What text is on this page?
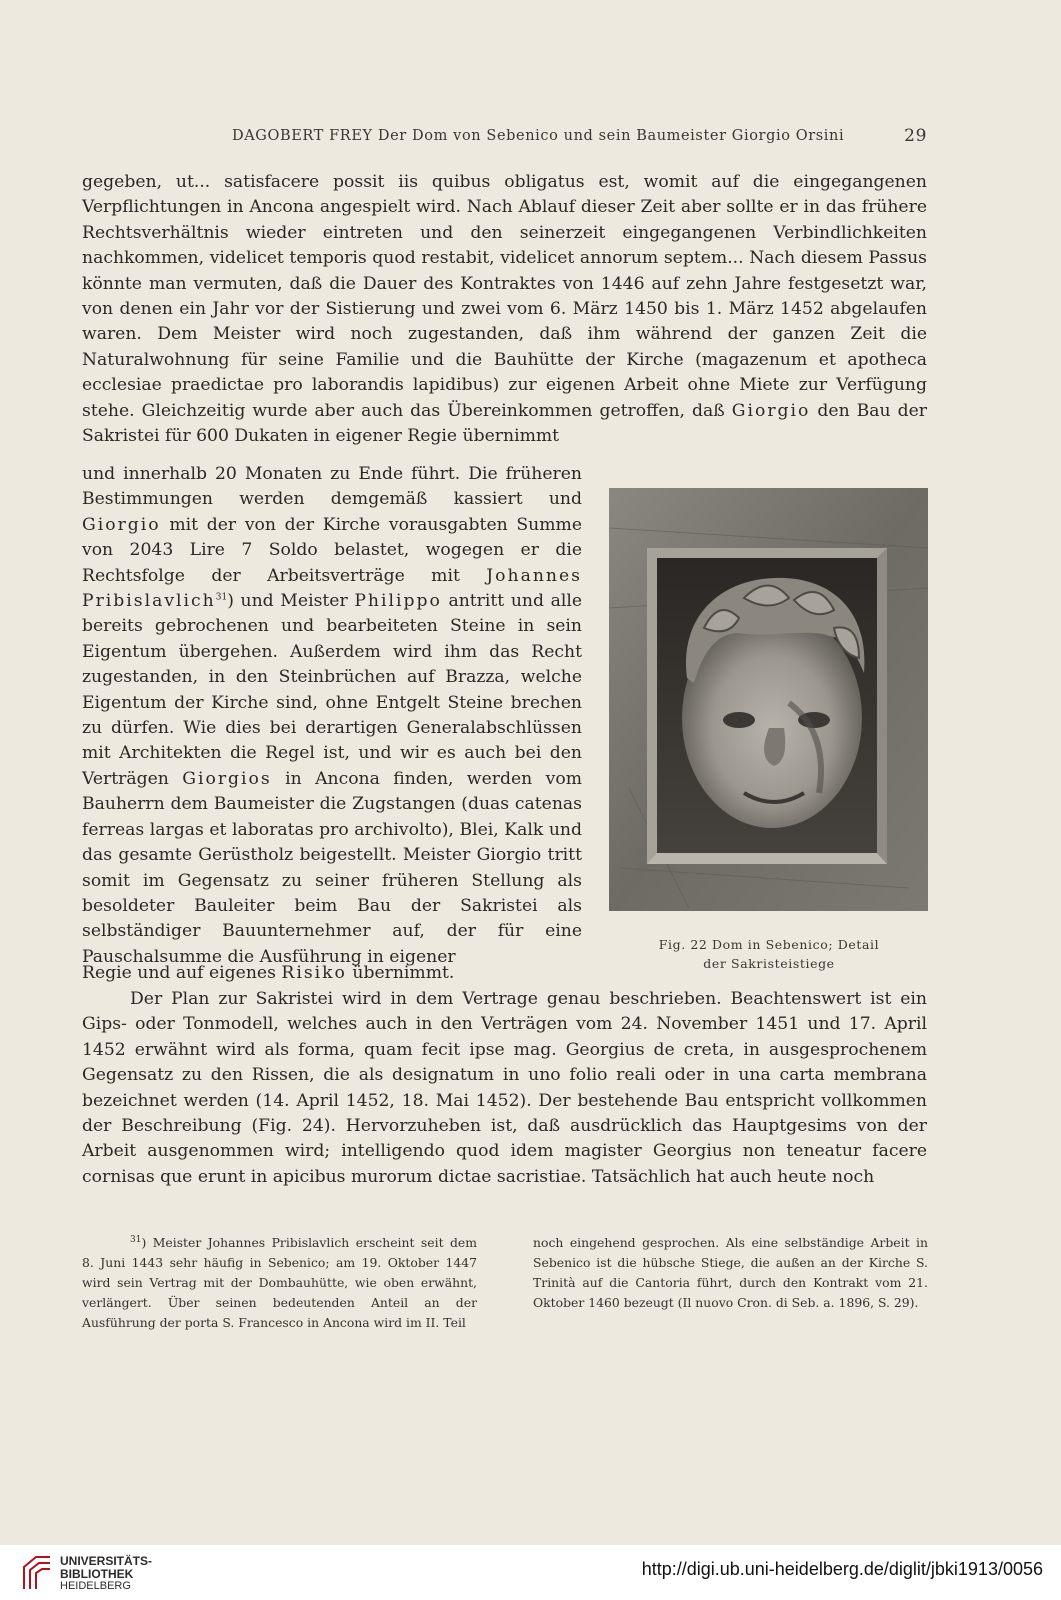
DAGOBERT FREY Der Dom von Sebenico und sein Baumeister Giorgio Orsini	29

gegeben, ut... satisfacere possit iis quibus obligatus est, womit auf die eingegangenen Verpflichtungen in Ancona angespielt wird. Nach Ablauf dieser Zeit aber sollte er in das frühere Rechtsverhältnis wieder eintreten und den seinerzeit eingegangenen Verbindlichkeiten nachkommen, videlicet temporis quod restabit, videlicet annorum septem... Nach diesem Passus könnte man vermuten, daß die Dauer des Kontraktes von 1446 auf zehn Jahre festgesetzt war, von denen ein Jahr vor der Sistierung und zwei vom 6. März 1450 bis 1. März 1452 abgelaufen waren. Dem Meister wird noch zugestanden, daß ihm während der ganzen Zeit die Naturalwohnung für seine Familie und die Bauhütte der Kirche (magazenum et apotheca ecclesiae praedictae pro laborandis lapidibus) zur eigenen Arbeit ohne Miete zur Verfügung stehe. Gleichzeitig wurde aber auch das Übereinkommen getroffen, daß Giorgio den Bau der Sakristei für 600 Dukaten in eigener Regie übernimmt

und innerhalb 20 Monaten zu Ende führt. Die früheren Bestimmungen werden demgemäß kassiert und Giorgio mit der von der Kirche vorausgabten Summe von 2043 Lire 7 Soldo belastet, wogegen er die Rechtsfolge der Arbeitsverträge mit Johannes Pribislavlich$^{31}$) und Meister Philippo antritt und alle bereits gebrochenen und bearbeiteten Steine in sein Eigentum übergehen. Außerdem wird ihm das Recht zugestanden, in den Steinbrüchen auf Brazza, welche Eigentum der Kirche sind, ohne Entgelt Steine brechen zu dürfen. Wie dies bei derartigen Generalabschlüssen mit Architekten die Regel ist, und wir es auch bei den Verträgen Giorgios in Ancona finden, werden vom Bauherrn dem Baumeister die Zugstangen (duas catenas ferreas largas et laboratas pro archivolto), Blei, Kalk und das gesamte Gerüstholz beigestellt. Meister Giorgio tritt somit im Gegensatz zu seiner früheren Stellung als besoldeter Bauleiter beim Bau der Sakristei als selbständiger Bauunternehmer auf, der für eine Pauschalsumme die Ausführung in eigener

Regie und auf eigenes Risiko übernimmt.

Fig. 22 Dom in Sebenico; Detail
der Sakristeistiege

Der Plan zur Sakristei wird in dem Vertrage genau beschrieben. Beachtenswert ist ein Gips- oder Tonmodell, welches auch in den Verträgen vom 24. November 1451 und 17. April 1452 erwähnt wird als forma, quam fecit ipse mag. Georgius de creta, in ausgesprochenem Gegensatz zu den Rissen, die als designatum in uno folio reali oder in una carta membrana bezeichnet werden (14. April 1452, 18. Mai 1452). Der bestehende Bau entspricht vollkommen der Beschreibung (Fig. 24). Hervorzuheben ist, daß ausdrücklich das Hauptgesims von der Arbeit ausgenommen wird; intelligendo quod idem magister Georgius non teneatur facere cornisas que erunt in apicibus murorum dictae sacristiae. Tatsächlich hat auch heute noch

$^{31}$) Meister Johannes Pribislavlich erscheint seit dem 8. Juni 1443 sehr häufig in Sebenico; am 19. Oktober 1447 wird sein Vertrag mit der Dombauhütte, wie oben erwähnt, verlängert. Über seinen bedeutenden Anteil an der Ausführung der porta S. Francesco in Ancona wird im II. Teil

noch eingehend gesprochen. Als eine selbständige Arbeit in Sebenico ist die hübsche Stiege, die außen an der Kirche S. Trinità auf die Cantoria führt, durch den Kontrakt vom 21. Oktober 1460 bezeugt (Il nuovo Cron. di Seb. a. 1896, S. 29).

UNIVERSITÄTS-
BIBLIOTHEK
HEIDELBERG
http://digi.ub.uni-heidelberg.de/diglit/jbki1913/0056
